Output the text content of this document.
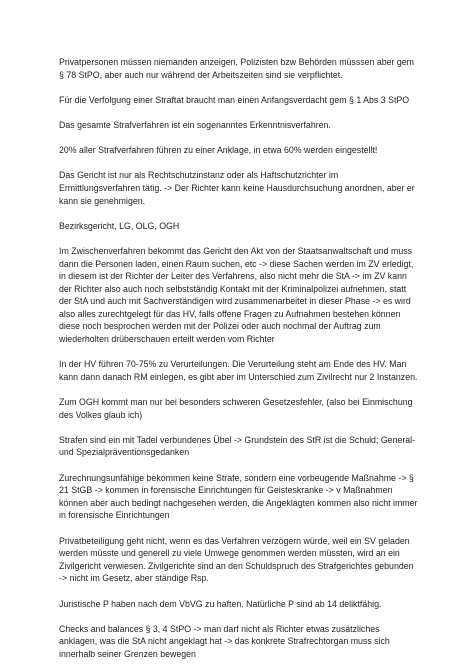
Privatpersonen müssen niemanden anzeigen, Polizisten bzw Behörden müsssen aber gem § 78 StPO, aber auch nur während der Arbeitszeiten sind sie verpflichtet.

Für die Verfolgung einer Straftat braucht man einen Anfangsverdacht gem § 1 Abs 3 StPO

Das gesamte Strafverfahren ist ein sogenanntes Erkenntnisverfahren.

20% aller Strafverfahren führen zu einer Anklage, in etwa 60% werden eingestellt!

Das Gericht ist nur als Rechtschutzinstanz oder als Haftschutzrichter im Ermittlungsverfahren tätig. -> Der Richter kann keine Hausdurchsuchung anordnen, aber er kann sie genehmigen.

Bezirksgericht, LG, OLG, OGH

Im Zwischenverfahren bekommt das Gericht den Akt von der Staatsanwaltschaft und muss dann die Personen laden, einen Raum suchen, etc -> diese Sachen werden im ZV erledigt, in diesem ist der Richter der Leiter des Verfahrens, also nicht mehr die StA -> im ZV kann der Richter also auch noch selbstständig Kontakt mit der Kriminalpolizei aufnehmen, statt der StA und auch mit Sachverständigen wird zusammenarbeitet in dieser Phase -> es wird also alles zurechtgelegt für das HV, falls offene Fragen zu Aufnahmen bestehen können diese noch besprochen werden mit der Polizei oder auch nochmal der Auftrag zum wiederholten drüberschauen erteilt werden vom Richter

In der HV führen 70-75% zu Verurteilungen. Die Verurteilung steht am Ende des HV. Man kann dann danach RM einlegen, es gibt aber im Unterschied zum Zivilrecht nur 2 Instanzen.

Zum OGH kommt man nur bei besonders schweren Gesetzesfehler, (also bei Einmischung des Volkes glaub ich)

Strafen sind ein mit Tadel verbundenes Übel -> Grundstein des StR ist die Schuld; General- und Spezialpräventionsgedanken

Zurechnungsunfähige bekommen keine Strafe, sondern eine vorbeugende Maßnahme -> § 21 StGB -> kommen in forensische Einrichtungen für Geisteskranke -> v Maßnahmen können aber auch bedingt nachgesehen werden, die Angeklagten kommen also nicht immer in forensische Einrichtungen

Privatbeteiligung geht nicht, wenn es das Verfahren verzögern würde, weil ein SV geladen werden müsste und generell zu viele Umwege genommen werden müssten, wird an ein Zivilgericht verwiesen. Zivilgerichte sind an den Schuldspruch des Strafgerichtes gebunden -> nicht im Gesetz, aber ständige Rsp.

Juristische P haben nach dem VbVG zu haften. Natürliche P sind ab 14 deliktfähig.

Checks and balances § 3, 4 StPO -> man darf nicht als Richter etwas zusätzliches anklagen, was die StA nicht angeklagt hat -> das konkrete Strafrechtorgan muss sich innerhalb seiner Grenzen bewegen
